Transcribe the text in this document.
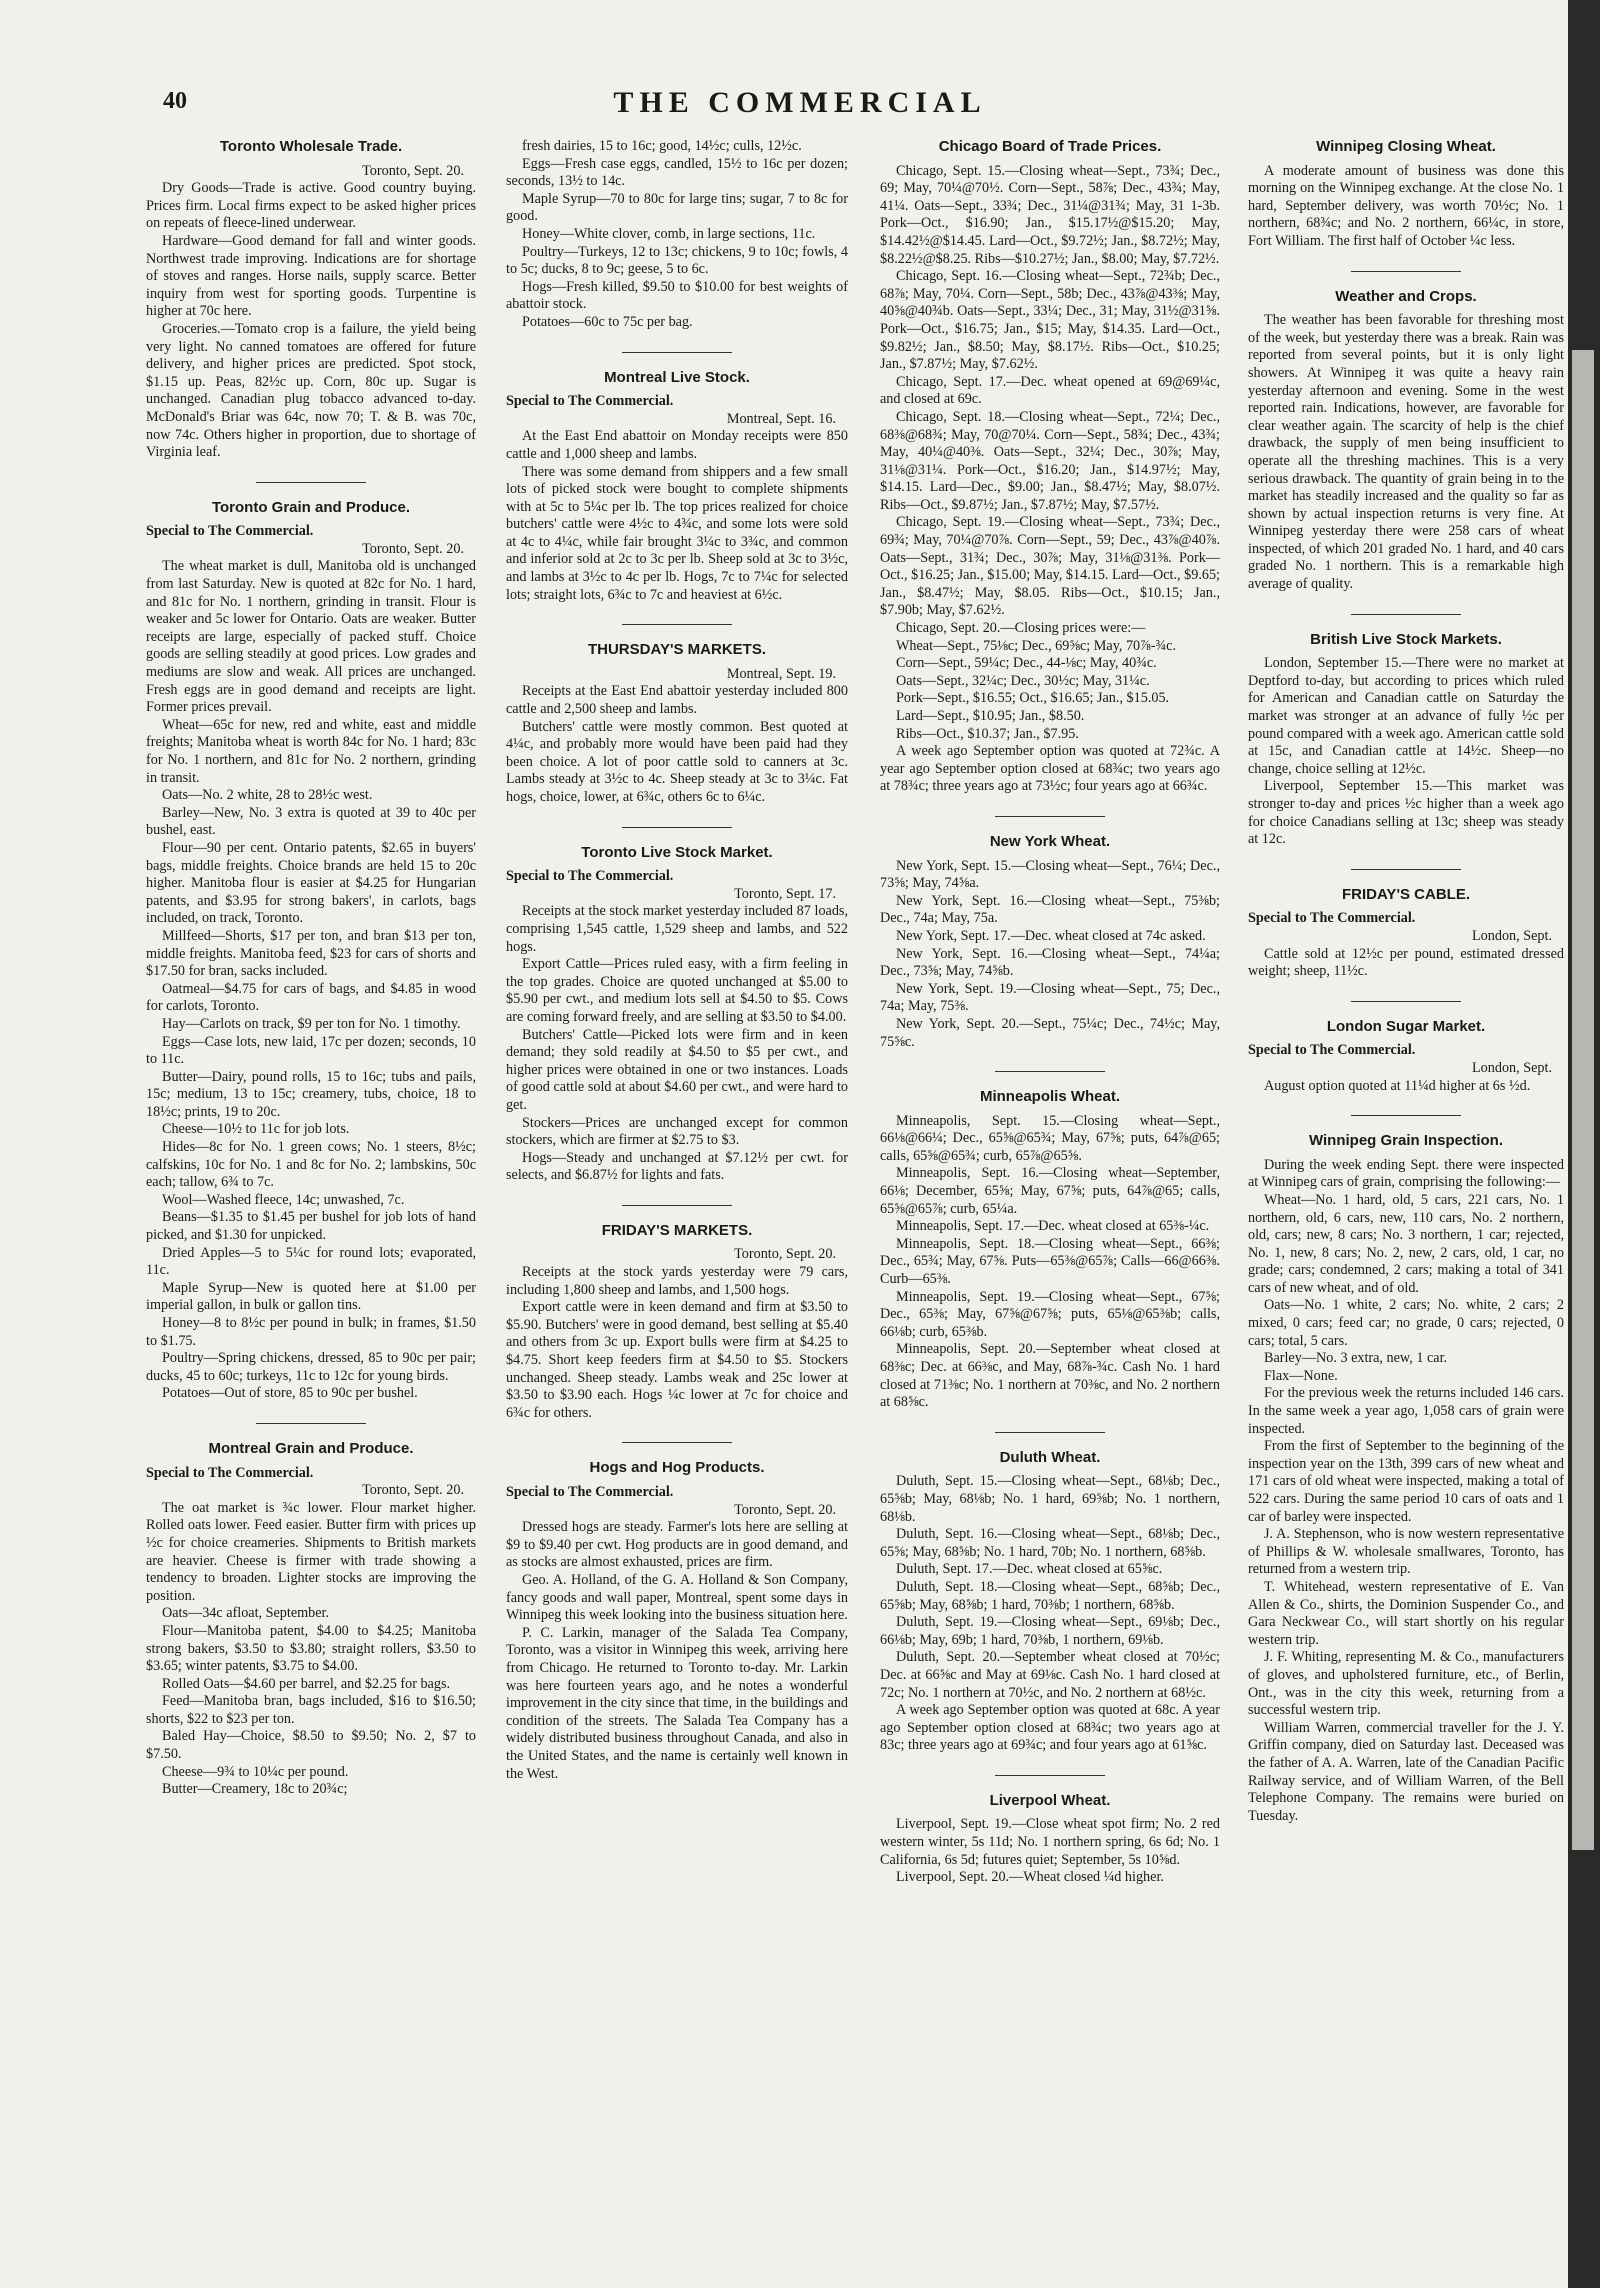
40	THE COMMERCIAL
Toronto Wholesale Trade.

Toronto, Sept. 20.

Dry Goods—Trade is active. Good country buying. Prices firm. Local firms expect to be asked higher prices on repeats of fleece-lined underwear.

Hardware—Good demand for fall and winter goods. Northwest trade improving. Indications are for shortage of stoves and ranges. Horse nails, supply scarce. Better inquiry from west for sporting goods. Turpentine is higher at 70c here.

Groceries.—Tomato crop is a failure, the yield being very light. No canned tomatoes are offered for future delivery, and higher prices are predicted. Spot stock, $1.15 up. Peas, 82½c up. Corn, 80c up. Sugar is unchanged. Canadian plug tobacco advanced to-day. McDonald's Briar was 64c, now 70; T. & B. was 70c, now 74c. Others higher in proportion, due to shortage of Virginia leaf.

Toronto Grain and Produce.

Special to The Commercial.

Toronto, Sept. 20.

The wheat market is dull, Manitoba old is unchanged from last Saturday. New is quoted at 82c for No. 1 hard, and 81c for No. 1 northern, grinding in transit. Flour is weaker and 5c lower for Ontario. Oats are weaker. Butter receipts are large, especially of packed stuff. Choice goods are selling steadily at good prices. Low grades and mediums are slow and weak. All prices are unchanged. Fresh eggs are in good demand and receipts are light. Former prices prevail.

Wheat—65c for new, red and white, east and middle freights; Manitoba wheat is worth 84c for No. 1 hard; 83c for No. 1 northern, and 81c for No. 2 northern, grinding in transit.

Oats—No. 2 white, 28 to 28½c west.

Barley—New, No. 3 extra is quoted at 39 to 40c per bushel, east.

Flour—90 per cent. Ontario patents, $2.65 in buyers' bags, middle freights. Choice brands are held 15 to 20c higher. Manitoba flour is easier at $4.25 for Hungarian patents, and $3.95 for strong bakers', in carlots, bags included, on track, Toronto.

Millfeed—Shorts, $17 per ton, and bran $13 per ton, middle freights. Manitoba feed, $23 for cars of shorts and $17.50 for bran, sacks included.

Oatmeal—$4.75 for cars of bags, and $4.85 in wood for carlots, Toronto.

Hay—Carlots on track, $9 per ton for No. 1 timothy.

Eggs—Case lots, new laid, 17c per dozen; seconds, 10 to 11c.

Butter—Dairy, pound rolls, 15 to 16c; tubs and pails, 15c; medium, 13 to 15c; creamery, tubs, choice, 18 to 18½c; prints, 19 to 20c.

Cheese—10½ to 11c for job lots.

Hides—8c for No. 1 green cows; No. 1 steers, 8½c; calfskins, 10c for No. 1 and 8c for No. 2; lambskins, 50c each; tallow, 6¾ to 7c.

Wool—Washed fleece, 14c; unwashed, 7c.

Beans—$1.35 to $1.45 per bushel for job lots of hand picked, and $1.30 for unpicked.

Dried Apples—5 to 5¼c for round lots; evaporated, 11c.

Maple Syrup—New is quoted here at $1.00 per imperial gallon, in bulk or gallon tins.

Honey—8 to 8½c per pound in bulk; in frames, $1.50 to $1.75.

Poultry—Spring chickens, dressed, 85 to 90c per pair; ducks, 45 to 60c; turkeys, 11c to 12c for young birds.

Potatoes—Out of store, 85 to 90c per bushel.

Montreal Grain and Produce.

Special to The Commercial.

Toronto, Sept. 20.

The oat market is ¾c lower. Flour market higher. Rolled oats lower. Feed easier. Butter firm with prices up ½c for choice creameries. Shipments to British markets are heavier. Cheese is firmer with trade showing a tendency to broaden. Lighter stocks are improving the position.

Oats—34c afloat, September.

Flour—Manitoba patent, $4.00 to $4.25; Manitoba strong bakers, $3.50 to $3.80; straight rollers, $3.50 to $3.65; winter patents, $3.75 to $4.00.

Rolled Oats—$4.60 per barrel, and $2.25 for bags.

Feed—Manitoba bran, bags included, $16 to $16.50; shorts, $22 to $23 per ton.

Baled Hay—Choice, $8.50 to $9.50; No. 2, $7 to $7.50.

Cheese—9¾ to 10¼c per pound.

Butter—Creamery, 18c to 20¾c;

fresh dairies, 15 to 16c; good, 14½c; culls, 12½c.

Eggs—Fresh case eggs, candled, 15½ to 16c per dozen; seconds, 13½ to 14c.

Maple Syrup—70 to 80c for large tins; sugar, 7 to 8c for good.

Honey—White clover, comb, in large sections, 11c.

Poultry—Turkeys, 12 to 13c; chickens, 9 to 10c; fowls, 4 to 5c; ducks, 8 to 9c; geese, 5 to 6c.

Hogs—Fresh killed, $9.50 to $10.00 for best weights of abattoir stock.

Potatoes—60c to 75c per bag.

Montreal Live Stock.

Special to The Commercial.

Montreal, Sept. 16.

At the East End abattoir on Monday receipts were 850 cattle and 1,000 sheep and lambs.

There was some demand from shippers and a few small lots of picked stock were bought to complete shipments with at 5c to 5¼c per lb. The top prices realized for choice butchers' cattle were 4½c to 4¾c, and some lots were sold at 4c to 4¼c, while fair brought 3¼c to 3¾c, and common and inferior sold at 2c to 3c per lb. Sheep sold at 3c to 3½c, and lambs at 3½c to 4c per lb. Hogs, 7c to 7¼c for selected lots; straight lots, 6¾c to 7c and heaviest at 6½c.

THURSDAY'S MARKETS.

Montreal, Sept. 19.

Receipts at the East End abattoir yesterday included 800 cattle and 2,500 sheep and lambs.

Butchers' cattle were mostly common. Best quoted at 4¼c, and probably more would have been paid had they been choice. A lot of poor cattle sold to canners at 3c. Lambs steady at 3½c to 4c. Sheep steady at 3c to 3¼c. Fat hogs, choice, lower, at 6¾c, others 6c to 6¼c.

Toronto Live Stock Market.

Special to The Commercial.

Toronto, Sept. 17.

Receipts at the stock market yesterday included 87 loads, comprising 1,545 cattle, 1,529 sheep and lambs, and 522 hogs.

Export Cattle—Prices ruled easy, with a firm feeling in the top grades. Choice are quoted unchanged at $5.00 to $5.90 per cwt., and medium lots sell at $4.50 to $5. Cows are coming forward freely, and are selling at $3.50 to $4.00.

Butchers' Cattle—Picked lots were firm and in keen demand; they sold readily at $4.50 to $5 per cwt., and higher prices were obtained in one or two instances. Loads of good cattle sold at about $4.60 per cwt., and were hard to get.

Stockers—Prices are unchanged except for common stockers, which are firmer at $2.75 to $3.

Hogs—Steady and unchanged at $7.12½ per cwt. for selects, and $6.87½ for lights and fats.

FRIDAY'S MARKETS.

Toronto, Sept. 20.

Receipts at the stock yards yesterday were 79 cars, including 1,800 sheep and lambs, and 1,500 hogs.

Export cattle were in keen demand and firm at $3.50 to $5.90. Butchers' were in good demand, best selling at $5.40 and others from 3c up. Export bulls were firm at $4.25 to $4.75. Short keep feeders firm at $4.50 to $5. Stockers unchanged. Sheep steady. Lambs weak and 25c lower at $3.50 to $3.90 each. Hogs ¼c lower at 7c for choice and 6¾c for others.

Hogs and Hog Products.

Special to The Commercial.

Toronto, Sept. 20.

Dressed hogs are steady. Farmer's lots here are selling at $9 to $9.40 per cwt. Hog products are in good demand, and as stocks are almost exhausted, prices are firm.

Geo. A. Holland, of the G. A. Holland & Son Company, fancy goods and wall paper, Montreal, spent some days in Winnipeg this week looking into the business situation here.

P. C. Larkin, manager of the Salada Tea Company, Toronto, was a visitor in Winnipeg this week, arriving here from Chicago. He returned to Toronto to-day. Mr. Larkin was here fourteen years ago, and he notes a wonderful improvement in the city since that time, in the buildings and condition of the streets. The Salada Tea Company has a widely distributed business throughout Canada, and also in the United States, and the name is certainly well known in the West.

Chicago Board of Trade Prices.

Chicago, Sept. 15.—Closing wheat—Sept., 73¾; Dec., 69; May, 70¼@70½. Corn—Sept., 58⅞; Dec., 43¾; May, 41¼. Oats—Sept., 33¾; Dec., 31¼@31¾; May, 31 1-3b. Pork—Oct., $16.90; Jan., $15.17½@$15.20; May, $14.42½@$14.45. Lard—Oct., $9.72½; Jan., $8.72½; May, $8.22½@$8.25. Ribs—$10.27½; Jan., $8.00; May, $7.72½.

Chicago, Sept. 16.—Closing wheat—Sept., 72¾b; Dec., 68⅞; May, 70¼. Corn—Sept., 58b; Dec., 43⅞@43⅜; May, 40⅝@40¾b. Oats—Sept., 33¼; Dec., 31; May, 31½@31⅝. Pork—Oct., $16.75; Jan., $15; May, $14.35. Lard—Oct., $9.82½; Jan., $8.50; May, $8.17½. Ribs—Oct., $10.25; Jan., $7.87½; May, $7.62½.

Chicago, Sept. 17.—Dec. wheat opened at 69@69¼c, and closed at 69c.

Chicago, Sept. 18.—Closing wheat—Sept., 72¼; Dec., 68⅜@68¾; May, 70@70¼. Corn—Sept., 58¾; Dec., 43¾; May, 40¼@40⅜. Oats—Sept., 32¼; Dec., 30⅞; May, 31⅛@31¼. Pork—Oct., $16.20; Jan., $14.97½; May, $14.15. Lard—Dec., $9.00; Jan., $8.47½; May, $8.07½. Ribs—Oct., $9.87½; Jan., $7.87½; May, $7.57½.

Chicago, Sept. 19.—Closing wheat—Sept., 73¾; Dec., 69¾; May, 70¼@70⅞. Corn—Sept., 59; Dec., 43⅞@40⅞. Oats—Sept., 31¾; Dec., 30⅞; May, 31⅛@31⅜. Pork—Oct., $16.25; Jan., $15.00; May, $14.15. Lard—Oct., $9.65; Jan., $8.47½; May, $8.05. Ribs—Oct., $10.15; Jan., $7.90b; May, $7.62½.

Chicago, Sept. 20.—Closing prices were:—

Wheat—Sept., 75⅛c; Dec., 69⅝c; May, 70⅞-¾c.

Corn—Sept., 59¼c; Dec., 44-⅛c; May, 40¾c.

Oats—Sept., 32¼c; Dec., 30½c; May, 31¼c.

Pork—Sept., $16.55; Oct., $16.65; Jan., $15.05.

Lard—Sept., $10.95; Jan., $8.50.

Ribs—Oct., $10.37; Jan., $7.95.

A week ago September option was quoted at 72¾c. A year ago September option closed at 68¾c; two years ago at 78¾c; three years ago at 73½c; four years ago at 66¾c.

New York Wheat.

New York, Sept. 15.—Closing wheat—Sept., 76¼; Dec., 73⅝; May, 74⅝a.

New York, Sept. 16.—Closing wheat—Sept., 75⅜b; Dec., 74a; May, 75a.

New York, Sept. 17.—Dec. wheat closed at 74c asked.

New York, Sept. 16.—Closing wheat—Sept., 74¼a; Dec., 73⅝; May, 74⅝b.

New York, Sept. 19.—Closing wheat—Sept., 75; Dec., 74a; May, 75⅜.

New York, Sept. 20.—Sept., 75¼c; Dec., 74½c; May, 75⅝c.

Minneapolis Wheat.

Minneapolis, Sept. 15.—Closing wheat—Sept., 66⅛@66¼; Dec., 65⅝@65¾; May, 67⅝; puts, 64⅞@65; calls, 65⅝@65¾; curb, 65⅞@65⅝.

Minneapolis, Sept. 16.—Closing wheat—September, 66⅛; December, 65⅝; May, 67⅝; puts, 64⅞@65; calls, 65⅝@65⅞; curb, 65¼a.

Minneapolis, Sept. 17.—Dec. wheat closed at 65⅜-¼c.

Minneapolis, Sept. 18.—Closing wheat—Sept., 66⅜; Dec., 65¾; May, 67⅝. Puts—65⅜@65⅞; Calls—66@66⅜. Curb—65⅜.

Minneapolis, Sept. 19.—Closing wheat—Sept., 67⅝; Dec., 65⅜; May, 67⅝@67⅝; puts, 65⅛@65⅜b; calls, 66⅛b; curb, 65⅜b.

Minneapolis, Sept. 20.—September wheat closed at 68⅜c; Dec. at 66⅜c, and May, 68⅞-¾c. Cash No. 1 hard closed at 71⅜c; No. 1 northern at 70⅜c, and No. 2 northern at 68⅝c.

Duluth Wheat.

Duluth, Sept. 15.—Closing wheat—Sept., 68⅛b; Dec., 65⅝b; May, 68⅛b; No. 1 hard, 69⅝b; No. 1 northern, 68⅛b.

Duluth, Sept. 16.—Closing wheat—Sept., 68⅛b; Dec., 65⅝; May, 68⅝b; No. 1 hard, 70b; No. 1 northern, 68⅝b.

Duluth, Sept. 17.—Dec. wheat closed at 65⅝c.

Duluth, Sept. 18.—Closing wheat—Sept., 68⅝b; Dec., 65⅝b; May, 68⅝b; 1 hard, 70⅜b; 1 northern, 68⅝b.

Duluth, Sept. 19.—Closing wheat—Sept., 69⅛b; Dec., 66⅛b; May, 69b; 1 hard, 70⅜b, 1 northern, 69⅛b.

Duluth, Sept. 20.—September wheat closed at 70½c; Dec. at 66⅝c and May at 69⅛c. Cash No. 1 hard closed at 72c; No. 1 northern at 70½c, and No. 2 northern at 68½c.

A week ago September option was quoted at 68c. A year ago September option closed at 68¾c; two years ago at 83c; three years ago at 69¾c; and four years ago at 61⅝c.

Liverpool Wheat.

Liverpool, Sept. 19.—Close wheat spot firm; No. 2 red western winter, 5s 11d; No. 1 northern spring, 6s 6d; No. 1 California, 6s 5d; futures quiet; September, 5s 10⅝d.

Liverpool, Sept. 20.—Wheat closed ¼d higher.

Winnipeg Closing Wheat.

A moderate amount of business was done this morning on the Winnipeg exchange. At the close No. 1 hard, September delivery, was worth 70½c; No. 1 northern, 68¾c; and No. 2 northern, 66¼c, in store, Fort William. The first half of October ¼c less.

Weather and Crops.

The weather has been favorable for threshing most of the week, but yesterday there was a break. Rain was reported from several points, but it is only light showers. At Winnipeg it was quite a heavy rain yesterday afternoon and evening. Some in the west reported rain. Indications, however, are favorable for clear weather again. The scarcity of help is the chief drawback, the supply of men being insufficient to operate all the threshing machines. This is a very serious drawback. The quantity of grain being in to the market has steadily increased and the quality so far as shown by actual inspection returns is very fine. At Winnipeg yesterday there were 258 cars of wheat inspected, of which 201 graded No. 1 hard, and 40 cars graded No. 1 northern. This is a remarkable high average of quality.

British Live Stock Markets.

London, September 15.—There were no market at Deptford to-day, but according to prices which ruled for American and Canadian cattle on Saturday the market was stronger at an advance of fully ½c per pound compared with a week ago. American cattle sold at 15c, and Canadian cattle at 14½c. Sheep—no change, choice selling at 12½c.

Liverpool, September 15.—This market was stronger to-day and prices ½c higher than a week ago for choice Canadians selling at 13c; sheep was steady at 12c.

FRIDAY'S CABLE.

Special to The Commercial.

London, Sept.

Cattle sold at 12½c per pound, estimated dressed weight; sheep, 11½c.

London Sugar Market.

Special to The Commercial.

London, Sept.

August option quoted at 11¼d higher at 6s ½d.

Winnipeg Grain Inspection.

During the week ending Sept. there were inspected at Winnipeg cars of grain, comprising the following:—

Wheat—No. 1 hard, old, 5 cars, 221 cars, No. 1 northern, old, 6 cars, new, 110 cars, No. 2 northern, old, cars; new, 8 cars; No. 3 northern, 1 car; rejected, No. 1, new, 8 cars; No. 2, new, 2 cars, old, 1 car, no grade; cars; condemned, 2 cars; making a total of 341 cars of new wheat, and of old.

Oats—No. 1 white, 2 cars; No. white, 2 cars; 2 mixed, 0 cars; feed car; no grade, 0 cars; rejected, 0 cars; total, 5 cars.

Barley—No. 3 extra, new, 1 car.

Flax—None.

For the previous week the returns included 146 cars. In the same week a year ago, 1,058 cars of grain were inspected.

From the first of September to the beginning of the inspection year on the 13th, 399 cars of new wheat and 171 cars of old wheat were inspected, making a total of 522 cars. During the same period 10 cars of oats and 1 car of barley were inspected.

J. A. Stephenson, who is now western representative of Phillips & W. wholesale smallwares, Toronto, has returned from a western trip.

T. Whitehead, western representative of E. Van Allen & Co., shirts, the Dominion Suspender Co., and Gara Neckwear Co., will start shortly on his regular western trip.

J. F. Whiting, representing M. & Co., manufacturers of gloves, and upholstered furniture, etc., of Berlin, Ont., was in the city this week, returning from a successful western trip.

William Warren, commercial traveller for the J. Y. Griffin company, died on Saturday last. Deceased was the father of A. A. Warren, late of the Canadian Pacific Railway service, and of William Warren, of the Bell Telephone Company. The remains were buried on Tuesday.
